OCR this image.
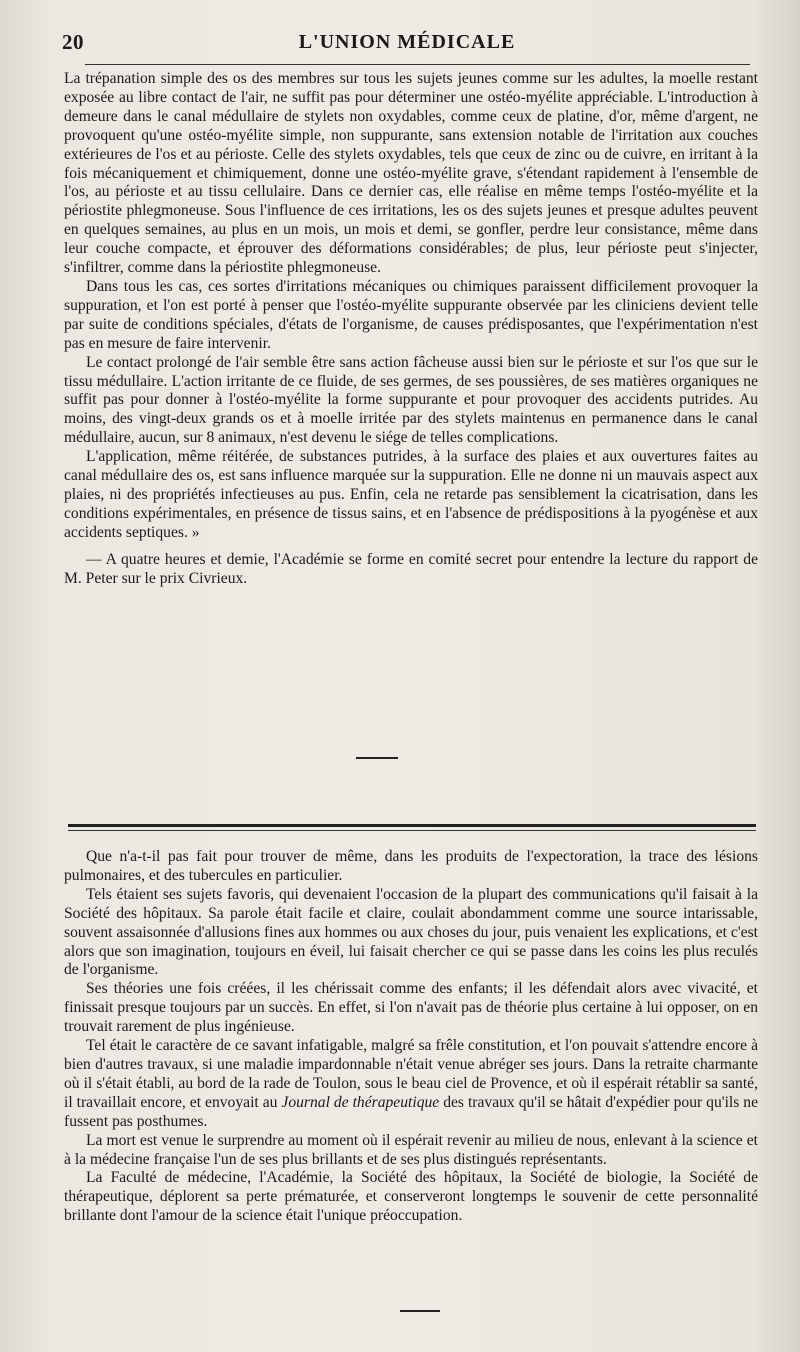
20	L'UNION MÉDICALE

La trépanation simple des os des membres sur tous les sujets jeunes comme sur les adultes, la moelle restant exposée au libre contact de l'air, ne suffit pas pour déterminer une ostéo-myélite appréciable. L'introduction à demeure dans le canal médullaire de stylets non oxydables, comme ceux de platine, d'or, même d'argent, ne provoquent qu'une ostéo-myélite simple, non suppurante, sans extension notable de l'irritation aux couches extérieures de l'os et au périoste. Celle des stylets oxydables, tels que ceux de zinc ou de cuivre, en irritant à la fois mécaniquement et chimiquement, donne une ostéo-myélite grave, s'étendant rapidement à l'ensemble de l'os, au périoste et au tissu cellulaire. Dans ce dernier cas, elle réalise en même temps l'ostéo-myélite et la périostite phlegmoneuse. Sous l'influence de ces irritations, les os des sujets jeunes et presque adultes peuvent en quelques semaines, au plus en un mois, un mois et demi, se gonfler, perdre leur consistance, même dans leur couche compacte, et éprouver des déformations considérables; de plus, leur périoste peut s'injecter, s'infiltrer, comme dans la périostite phlegmoneuse.

Dans tous les cas, ces sortes d'irritations mécaniques ou chimiques paraissent difficilement provoquer la suppuration, et l'on est porté à penser que l'ostéo-myélite suppurante observée par les cliniciens devient telle par suite de conditions spéciales, d'états de l'organisme, de causes prédisposantes, que l'expérimentation n'est pas en mesure de faire intervenir.

Le contact prolongé de l'air semble être sans action fâcheuse aussi bien sur le périoste et sur l'os que sur le tissu médullaire. L'action irritante de ce fluide, de ses germes, de ses poussières, de ses matières organiques ne suffit pas pour donner à l'ostéo-myélite la forme suppurante et pour provoquer des accidents putrides. Au moins, des vingt-deux grands os et à moelle irritée par des stylets maintenus en permanence dans le canal médullaire, aucun, sur 8 animaux, n'est devenu le siége de telles complications.

L'application, même réitérée, de substances putrides, à la surface des plaies et aux ouvertures faites au canal médullaire des os, est sans influence marquée sur la suppuration. Elle ne donne ni un mauvais aspect aux plaies, ni des propriétés infectieuses au pus. Enfin, cela ne retarde pas sensiblement la cicatrisation, dans les conditions expérimentales, en présence de tissus sains, et en l'absence de prédispositions à la pyogénèse et aux accidents septiques. »

— A quatre heures et demie, l'Académie se forme en comité secret pour entendre la lecture du rapport de M. Peter sur le prix Civrieux.

Que n'a-t-il pas fait pour trouver de même, dans les produits de l'expectoration, la trace des lésions pulmonaires, et des tubercules en particulier.

Tels étaient ses sujets favoris, qui devenaient l'occasion de la plupart des communications qu'il faisait à la Société des hôpitaux. Sa parole était facile et claire, coulait abondamment comme une source intarissable, souvent assaisonnée d'allusions fines aux hommes ou aux choses du jour, puis venaient les explications, et c'est alors que son imagination, toujours en éveil, lui faisait chercher ce qui se passe dans les coins les plus reculés de l'organisme.

Ses théories une fois créées, il les chérissait comme des enfants; il les défendait alors avec vivacité, et finissait presque toujours par un succès. En effet, si l'on n'avait pas de théorie plus certaine à lui opposer, on en trouvait rarement de plus ingénieuse.

Tel était le caractère de ce savant infatigable, malgré sa frêle constitution, et l'on pouvait s'attendre encore à bien d'autres travaux, si une maladie impardonnable n'était venue abréger ses jours. Dans la retraite charmante où il s'était établi, au bord de la rade de Toulon, sous le beau ciel de Provence, et où il espérait rétablir sa santé, il travaillait encore, et envoyait au Journal de thérapeutique des travaux qu'il se hâtait d'expédier pour qu'ils ne fussent pas posthumes.

La mort est venue le surprendre au moment où il espérait revenir au milieu de nous, enlevant à la science et à la médecine française l'un de ses plus brillants et de ses plus distingués représentants.

La Faculté de médecine, l'Académie, la Société des hôpitaux, la Société de biologie, la Société de thérapeutique, déplorent sa perte prématurée, et conserveront longtemps le souvenir de cette personnalité brillante dont l'amour de la science était l'unique préoccupation.
